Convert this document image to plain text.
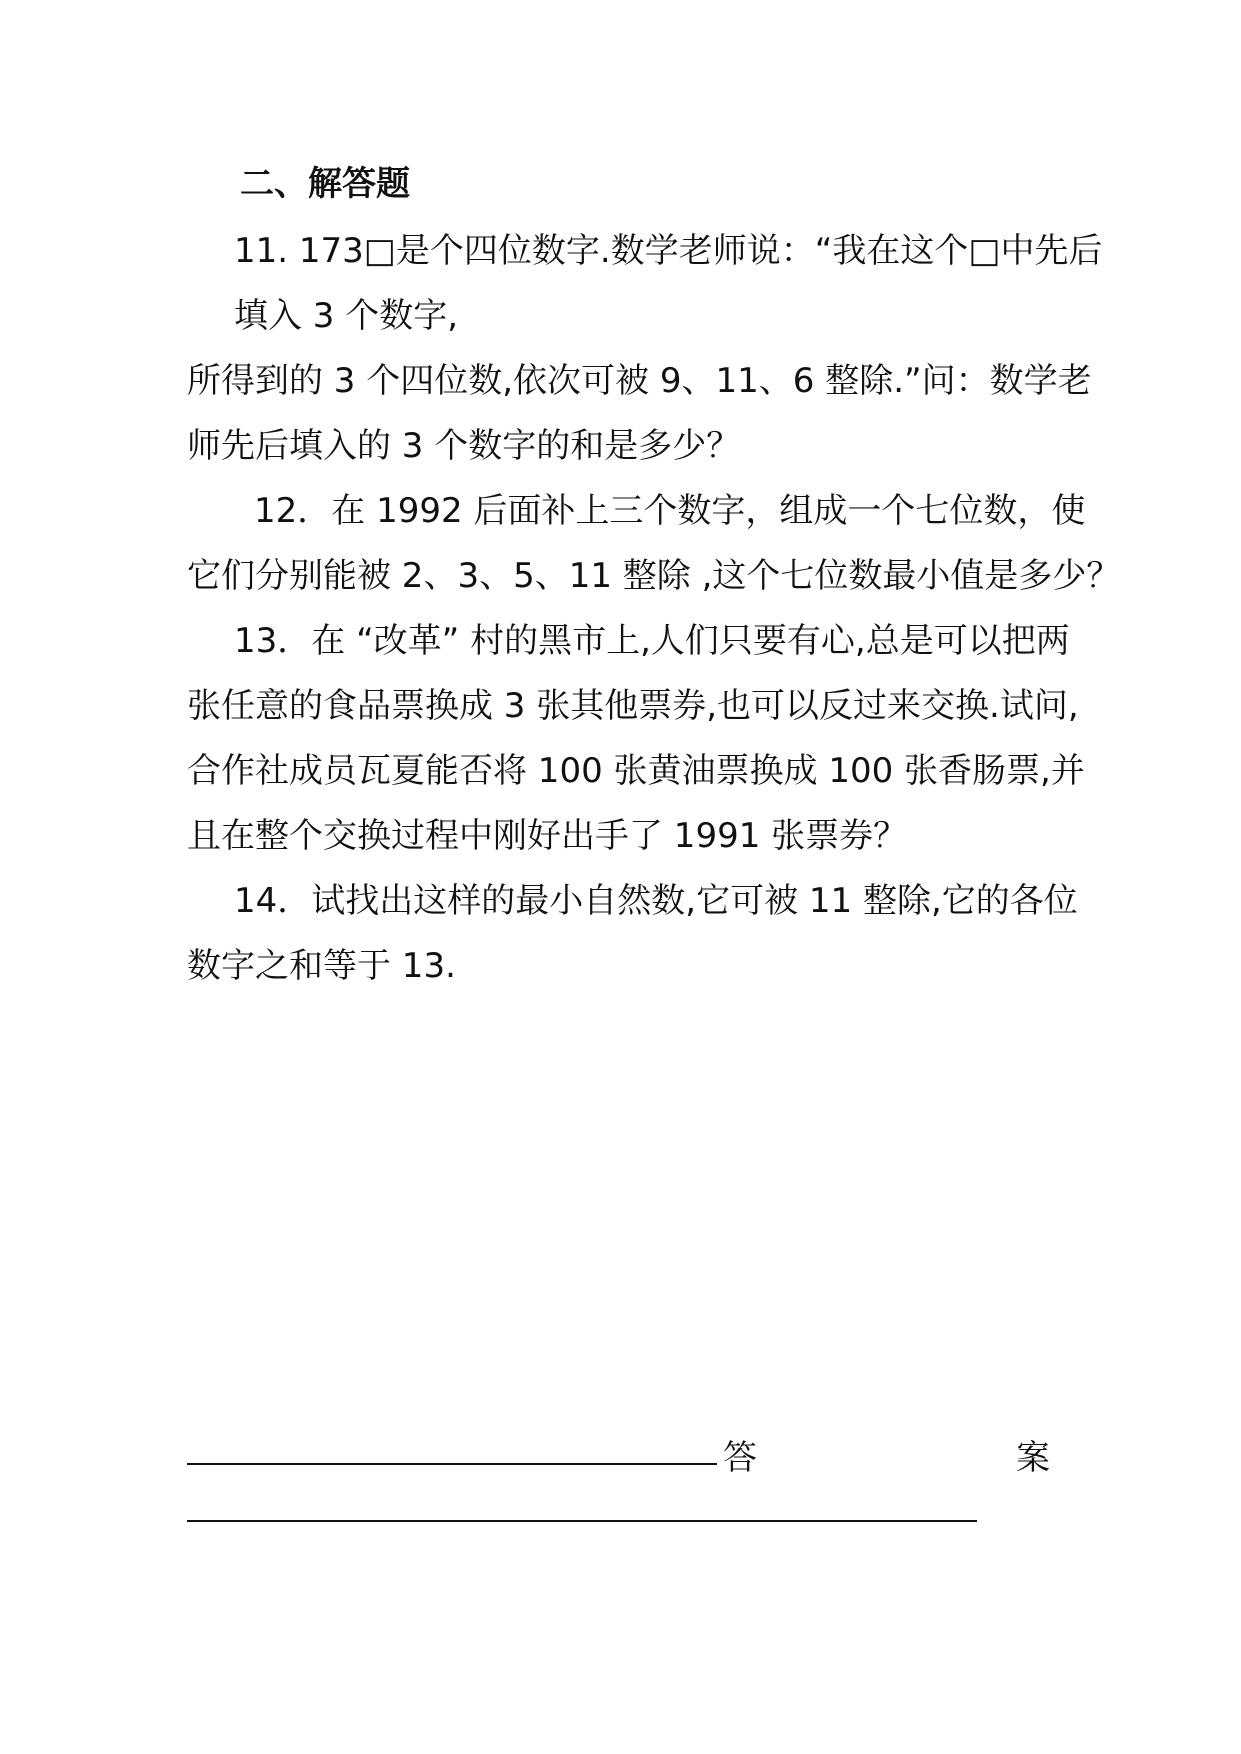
二、解答题
11. 173□是个四位数字.数学老师说：“我在这个□中先后
填入 3 个数字,
所得到的 3 个四位数,依次可被 9、11、6 整除.”问：数学老
师先后填入的 3 个数字的和是多少？
12．在 1992 后面补上三个数字，组成一个七位数，使
它们分别能被 2、3、5、11 整除 ,这个七位数最小值是多少？
13．在 “改革” 村的黑市上,人们只要有心,总是可以把两
张任意的食品票换成 3 张其他票券,也可以反过来交换.试问,
合作社成员瓦夏能否将 100 张黄油票换成 100 张香肠票,并
且在整个交换过程中刚好出手了 1991 张票券？
14．试找出这样的最小自然数,它可被 11 整除,它的各位
数字之和等于 13.
答	案
